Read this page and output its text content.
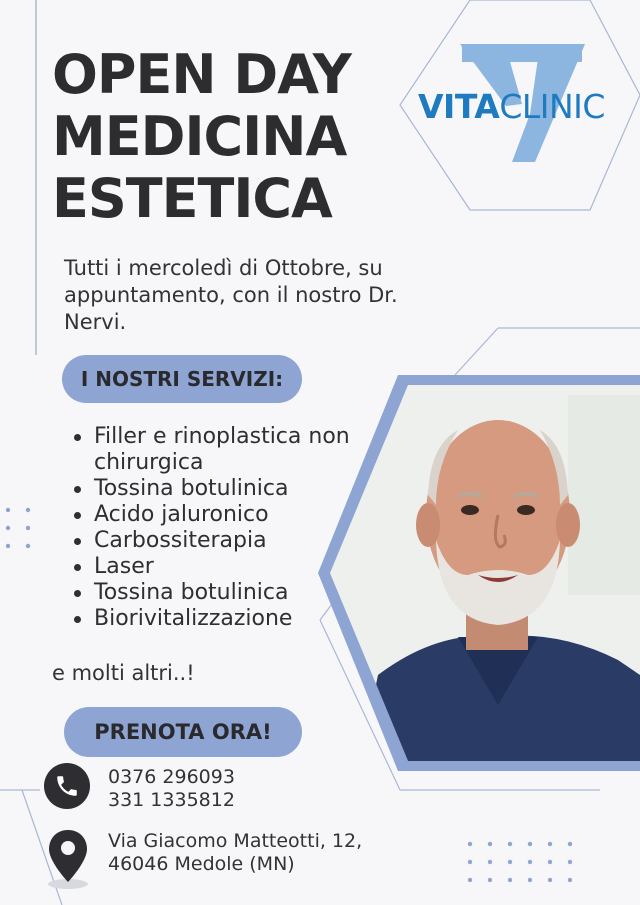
OPEN DAY
MEDICINA
ESTETICA
VITACLINIC
Tutti i mercoledì di Ottobre, su appuntamento, con il nostro Dr. Nervi.
I NOSTRI SERVIZI:
Filler e rinoplastica non chirurgica
Tossina botulinica
Acido jaluronico
Carbossiterapia
Laser
Tossina botulinica
Biorivitalizzazione
e molti altri..!
PRENOTA ORA!
0376 296093
331 1335812
Via Giacomo Matteotti, 12,
46046 Medole (MN)
